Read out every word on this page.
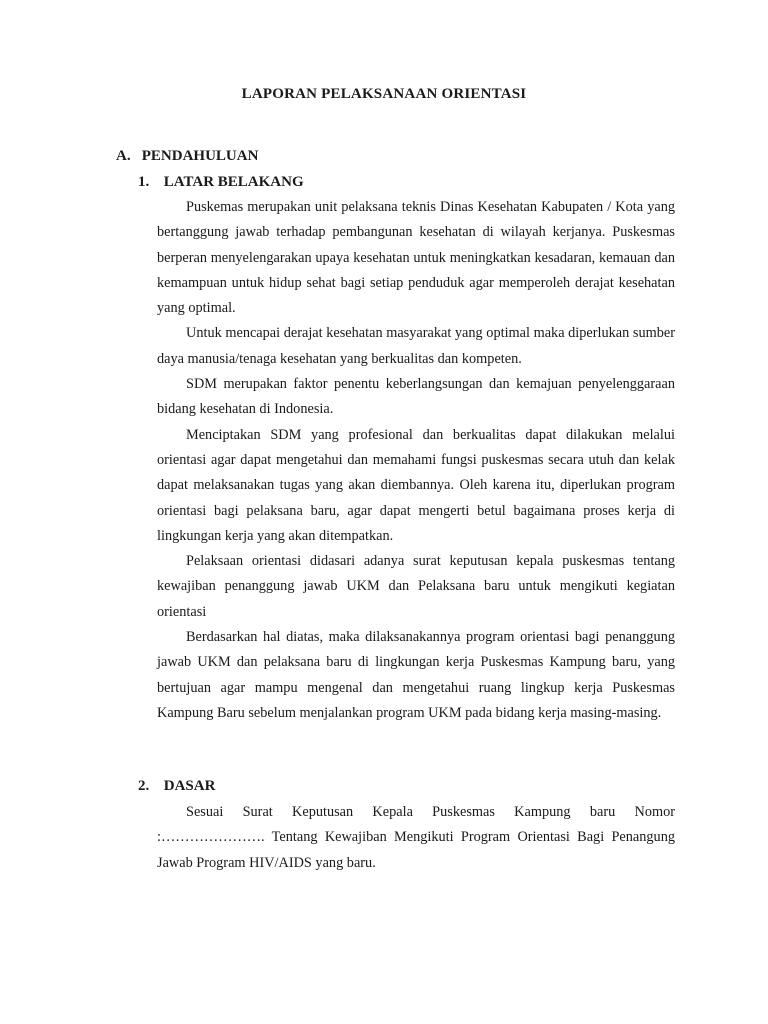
LAPORAN PELAKSANAAN ORIENTASI
A. PENDAHULUAN
1. LATAR BELAKANG

Puskemas merupakan unit pelaksana teknis Dinas Kesehatan Kabupaten / Kota yang bertanggung jawab terhadap pembangunan kesehatan di wilayah kerjanya. Puskesmas berperan menyelengarakan upaya kesehatan untuk meningkatkan kesadaran, kemauan dan kemampuan untuk hidup sehat bagi setiap penduduk agar memperoleh derajat kesehatan yang optimal.

Untuk mencapai derajat kesehatan masyarakat yang optimal maka diperlukan sumber daya manusia/tenaga kesehatan yang berkualitas dan kompeten.

SDM merupakan faktor penentu keberlangsungan dan kemajuan penyelenggaraan bidang kesehatan di Indonesia.

Menciptakan SDM yang profesional dan berkualitas dapat dilakukan melalui orientasi agar dapat mengetahui dan memahami fungsi puskesmas secara utuh dan kelak dapat melaksanakan tugas yang akan diembannya. Oleh karena itu, diperlukan program orientasi bagi pelaksana baru, agar dapat mengerti betul bagaimana proses kerja di lingkungan kerja yang akan ditempatkan.

Pelaksaan orientasi didasari adanya surat keputusan kepala puskesmas tentang kewajiban penanggung jawab UKM dan Pelaksana baru untuk mengikuti kegiatan orientasi

Berdasarkan hal diatas, maka dilaksanakannya program orientasi bagi penanggung jawab UKM dan pelaksana baru di lingkungan kerja Puskesmas Kampung baru, yang bertujuan agar mampu mengenal dan mengetahui ruang lingkup kerja Puskesmas Kampung Baru sebelum menjalankan program UKM pada bidang kerja masing-masing.

2. DASAR

Sesuai Surat Keputusan Kepala Puskesmas Kampung baru Nomor :…………………. Tentang Kewajiban Mengikuti Program Orientasi Bagi Penangung Jawab Program HIV/AIDS yang baru.
